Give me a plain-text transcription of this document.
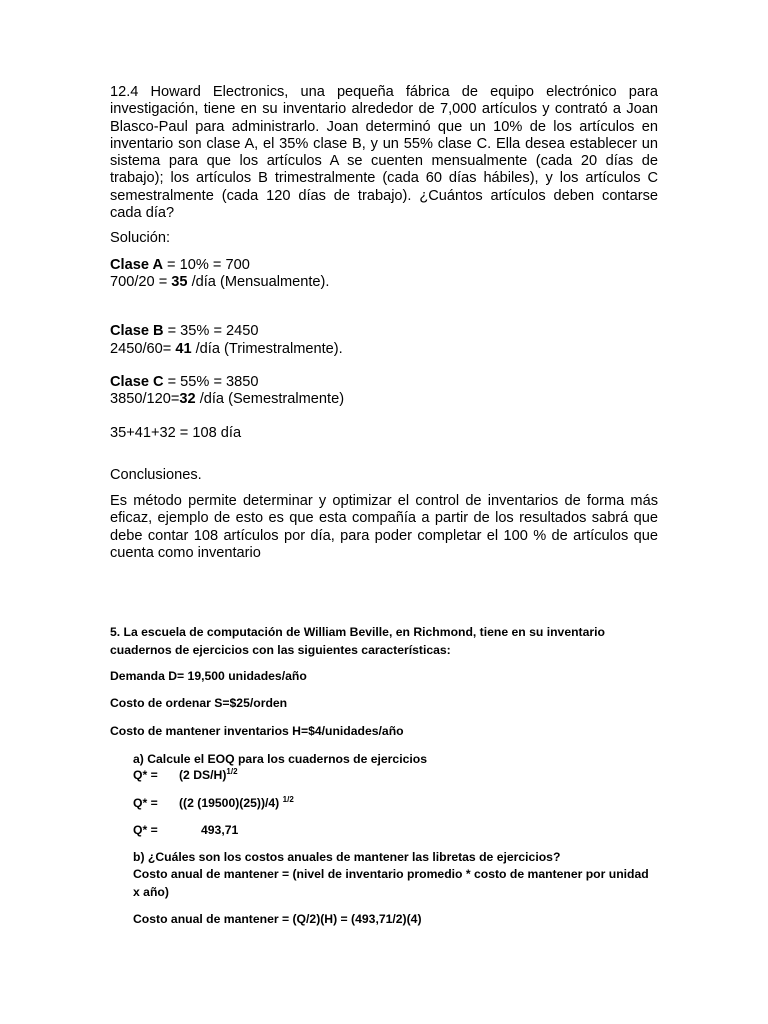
12.4 Howard Electronics, una pequeña fábrica de equipo electrónico para investigación, tiene en su inventario alrededor de 7,000 artículos y contrató a Joan Blasco-Paul para administrarlo. Joan determinó que un 10% de los artículos en inventario son clase A, el 35% clase B, y un 55% clase C. Ella desea establecer un sistema para que los artículos A se cuenten mensualmente (cada 20 días de trabajo); los artículos B trimestralmente (cada 60 días hábiles), y los artículos C semestralmente (cada 120 días de trabajo). ¿Cuántos artículos deben contarse cada día?
Solución:
Clase A = 10% = 700
700/20 = 35 /día (Mensualmente).
Clase B = 35% = 2450
2450/60= 41 /día (Trimestralmente).
Clase C = 55% = 3850
3850/120=32 /día (Semestralmente)
35+41+32 = 108 día
Conclusiones.
Es método permite determinar y optimizar el control de inventarios de forma más eficaz, ejemplo de esto es que esta compañía a partir de los resultados sabrá que debe contar 108 artículos por día, para poder completar el 100 % de artículos que cuenta como inventario
5. La escuela de computación de William Beville, en Richmond, tiene en su inventario
cuadernos de ejercicios con las siguientes características:
Demanda D= 19,500 unidades/año
Costo de ordenar S=$25/orden
Costo de mantener inventarios H=$4/unidades/año
a) Calcule el EOQ para los cuadernos de ejercicios
Q* = (2 DS/H)$^{1/2}$
Q* = ((2 (19500)(25))/4) $^{1/2}$
Q* =	493,71
b) ¿Cuáles son los costos anuales de mantener las libretas de ejercicios?
Costo anual de mantener = (nivel de inventario promedio * costo de mantener por unidad
x año)
Costo anual de mantener = (Q/2)(H) = (493,71/2)(4)
